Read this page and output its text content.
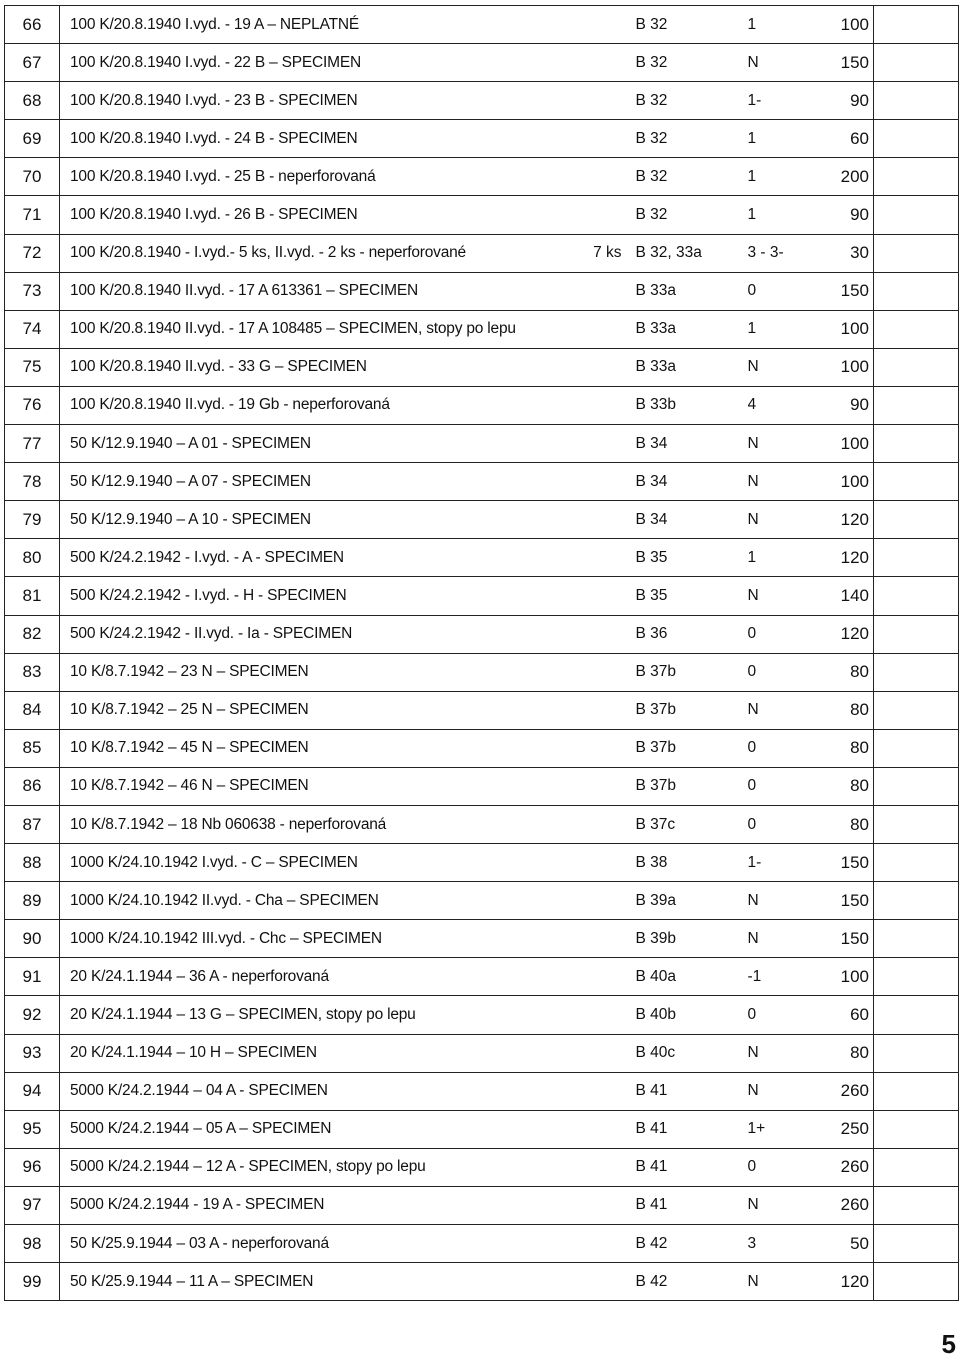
66	100 K/20.8.1940 I.vyd. - 19 A – NEPLATNÉ		B 32	1	100	
67	100 K/20.8.1940 I.vyd. - 22 B – SPECIMEN		B 32	N	150	
68	100 K/20.8.1940 I.vyd. - 23 B - SPECIMEN		B 32	1-	90	
69	100 K/20.8.1940 I.vyd. - 24 B - SPECIMEN		B 32	1	60	
70	100 K/20.8.1940 I.vyd. - 25 B - neperforovaná		B 32	1	200	
71	100 K/20.8.1940 I.vyd. - 26 B - SPECIMEN		B 32	1	90	
72	100 K/20.8.1940 - I.vyd.- 5 ks, II.vyd. - 2 ks - neperforované	7 ks	B 32, 33a	3 - 3-	30	
73	100 K/20.8.1940 II.vyd. - 17 A 613361 – SPECIMEN		B 33a	0	150	
74	100 K/20.8.1940 II.vyd. - 17 A 108485 – SPECIMEN, stopy po lepu		B 33a	1	100	
75	100 K/20.8.1940 II.vyd. - 33 G – SPECIMEN		B 33a	N	100	
76	100 K/20.8.1940 II.vyd. - 19 Gb - neperforovaná		B 33b	4	90	
77	50 K/12.9.1940 – A 01 - SPECIMEN		B 34	N	100	
78	50 K/12.9.1940 – A 07 - SPECIMEN		B 34	N	100	
79	50 K/12.9.1940 – A 10 - SPECIMEN		B 34	N	120	
80	500 K/24.2.1942 - I.vyd. - A - SPECIMEN		B 35	1	120	
81	500 K/24.2.1942 - I.vyd. - H - SPECIMEN		B 35	N	140	
82	500 K/24.2.1942 - II.vyd. - Ia - SPECIMEN		B 36	0	120	
83	10 K/8.7.1942 – 23 N – SPECIMEN		B 37b	0	80	
84	10 K/8.7.1942 – 25 N – SPECIMEN		B 37b	N	80	
85	10 K/8.7.1942 – 45 N – SPECIMEN		B 37b	0	80	
86	10 K/8.7.1942 – 46 N – SPECIMEN		B 37b	0	80	
87	10 K/8.7.1942 – 18 Nb 060638 - neperforovaná		B 37c	0	80	
88	1000 K/24.10.1942 I.vyd. - C – SPECIMEN		B 38	1-	150	
89	1000 K/24.10.1942 II.vyd. - Cha – SPECIMEN		B 39a	N	150	
90	1000 K/24.10.1942 III.vyd. - Chc – SPECIMEN		B 39b	N	150	
91	20 K/24.1.1944 – 36 A - neperforovaná		B 40a	-1	100	
92	20 K/24.1.1944 – 13 G – SPECIMEN, stopy po lepu		B 40b	0	60	
93	20 K/24.1.1944 – 10 H – SPECIMEN		B 40c	N	80	
94	5000 K/24.2.1944 – 04 A - SPECIMEN		B 41	N	260	
95	5000 K/24.2.1944 – 05 A – SPECIMEN		B 41	1+	250	
96	5000 K/24.2.1944 – 12 A - SPECIMEN, stopy po lepu		B 41	0	260	
97	5000 K/24.2.1944 - 19 A - SPECIMEN		B 41	N	260	
98	50 K/25.9.1944 – 03 A - neperforovaná		B 42	3	50	
99	50 K/25.9.1944 – 11 A – SPECIMEN		B 42	N	120	
5
